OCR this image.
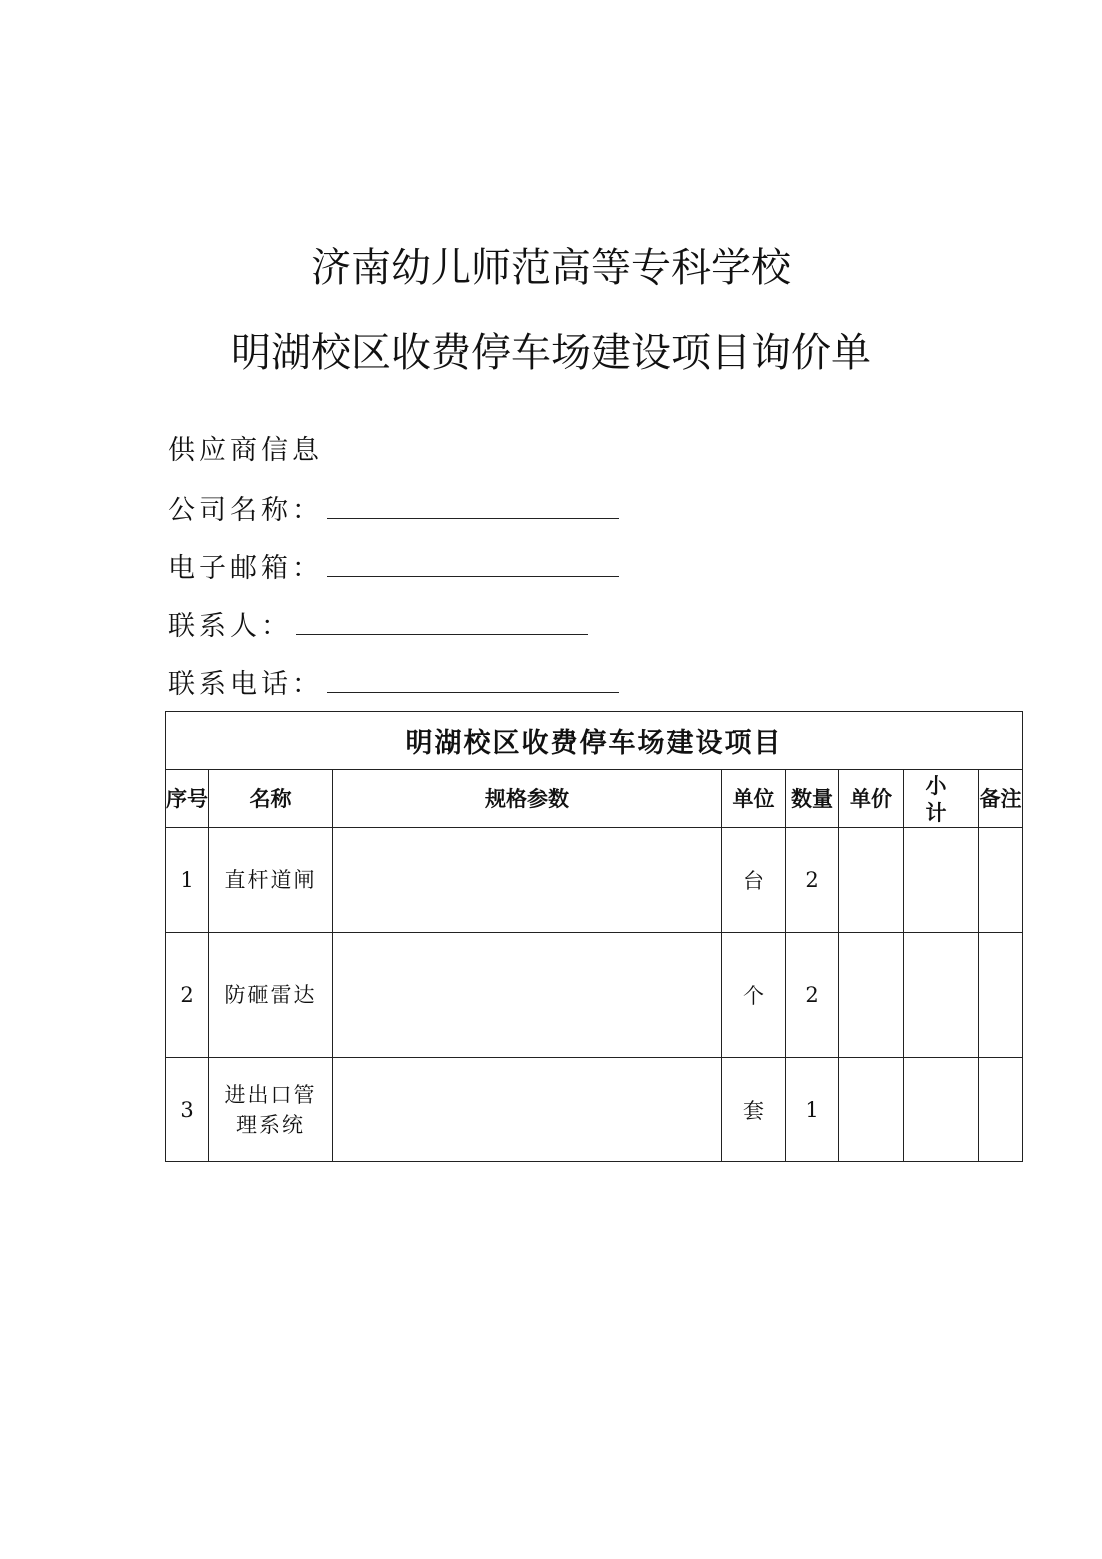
济南幼儿师范高等专科学校
明湖校区收费停车场建设项目询价单
供应商信息
公司名称：
电子邮箱：
联系人：
联系电话：
明湖校区收费停车场建设项目							
序号	名称	规格参数	单位	数量	单价	小 计	备注
1	直杆道闸		台	2			
2	防砸雷达		个	2			
3	进出口管理系统		套	1			
